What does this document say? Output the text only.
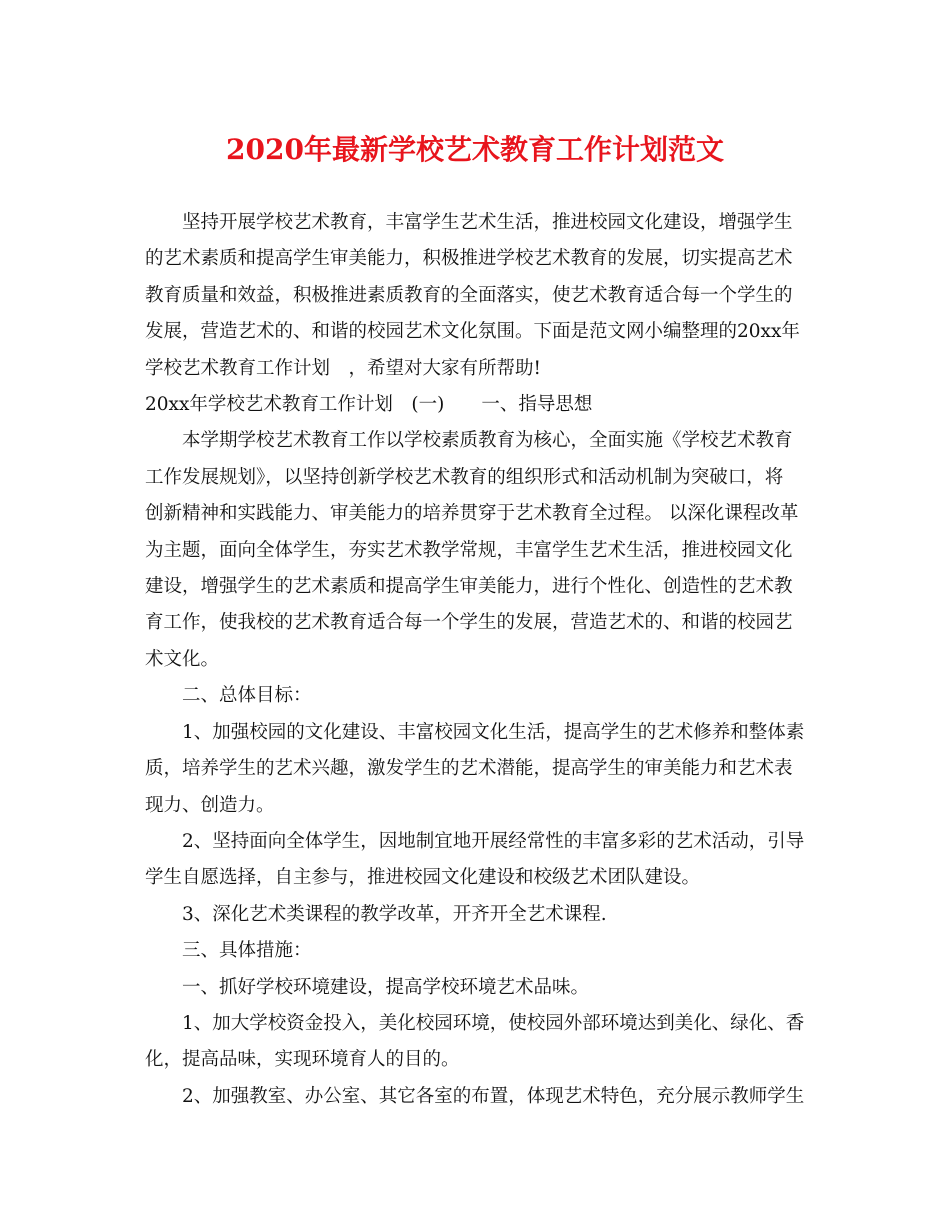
2020年最新学校艺术教育工作计划范文

坚持开展学校艺术教育，丰富学生艺术生活，推进校园文化建设，增强学生

的艺术素质和提高学生审美能力，积极推进学校艺术教育的发展，切实提高艺术

教育质量和效益，积极推进素质教育的全面落实，使艺术教育适合每一个学生的

发展，营造艺术的、和谐的校园艺术文化氛围。下面是范文网小编整理的20xx年

学校艺术教育工作计划　，希望对大家有所帮助!

20xx年学校艺术教育工作计划　(一)　　一、指导思想

本学期学校艺术教育工作以学校素质教育为核心，全面实施《学校艺术教育

工作发展规划》，以坚持创新学校艺术教育的组织形式和活动机制为突破口，将

创新精神和实践能力、审美能力的培养贯穿于艺术教育全过程。 以深化课程改革

为主题，面向全体学生，夯实艺术教学常规，丰富学生艺术生活，推进校园文化

建设，增强学生的艺术素质和提高学生审美能力，进行个性化、创造性的艺术教

育工作，使我校的艺术教育适合每一个学生的发展，营造艺术的、和谐的校园艺

术文化。

二、总体目标：

1、加强校园的文化建设、丰富校园文化生活，提高学生的艺术修养和整体素

质，培养学生的艺术兴趣，激发学生的艺术潜能，提高学生的审美能力和艺术表

现力、创造力。

2、坚持面向全体学生，因地制宜地开展经常性的丰富多彩的艺术活动，引导

学生自愿选择，自主参与，推进校园文化建设和校级艺术团队建设。

3、深化艺术类课程的教学改革，开齐开全艺术课程.

三、具体措施：

一、抓好学校环境建设，提高学校环境艺术品味。

1、加大学校资金投入，美化校园环境，使校园外部环境达到美化、绿化、香

化，提高品味，实现环境育人的目的。

2、加强教室、办公室、其它各室的布置，体现艺术特色，充分展示教师学生
